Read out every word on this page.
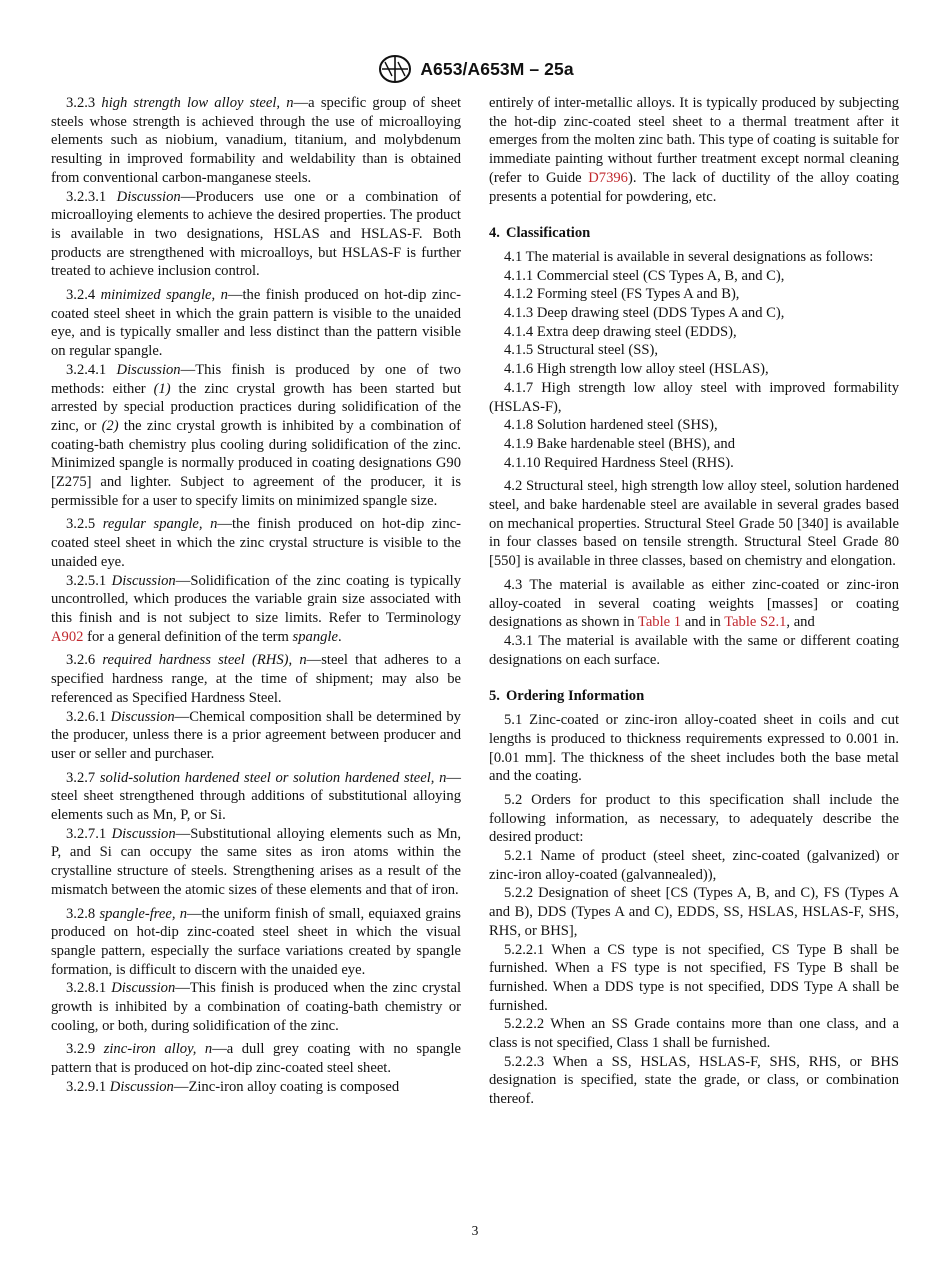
A653/A653M – 25a

3.2.3 high strength low alloy steel, n—a specific group of sheet steels whose strength is achieved through the use of microalloying elements such as niobium, vanadium, titanium, and molybdenum resulting in improved formability and weldability than is obtained from conventional carbon-manganese steels.

3.2.3.1 Discussion—Producers use one or a combination of microalloying elements to achieve the desired properties. The product is available in two designations, HSLAS and HSLAS-F. Both products are strengthened with microalloys, but HSLAS-F is further treated to achieve inclusion control.

3.2.4 minimized spangle, n—the finish produced on hot-dip zinc-coated steel sheet in which the grain pattern is visible to the unaided eye, and is typically smaller and less distinct than the pattern visible on regular spangle.

3.2.4.1 Discussion—This finish is produced by one of two methods: either (1) the zinc crystal growth has been started but arrested by special production practices during solidification of the zinc, or (2) the zinc crystal growth is inhibited by a combination of coating-bath chemistry plus cooling during solidification of the zinc. Minimized spangle is normally produced in coating designations G90 [Z275] and lighter. Subject to agreement of the producer, it is permissible for a user to specify limits on minimized spangle size.

3.2.5 regular spangle, n—the finish produced on hot-dip zinc-coated steel sheet in which the zinc crystal structure is visible to the unaided eye.

3.2.5.1 Discussion—Solidification of the zinc coating is typically uncontrolled, which produces the variable grain size associated with this finish and is not subject to size limits. Refer to Terminology A902 for a general definition of the term spangle.

3.2.6 required hardness steel (RHS), n—steel that adheres to a specified hardness range, at the time of shipment; may also be referenced as Specified Hardness Steel.

3.2.6.1 Discussion—Chemical composition shall be determined by the producer, unless there is a prior agreement between producer and user or seller and purchaser.

3.2.7 solid-solution hardened steel or solution hardened steel, n—steel sheet strengthened through additions of substitutional alloying elements such as Mn, P, or Si.

3.2.7.1 Discussion—Substitutional alloying elements such as Mn, P, and Si can occupy the same sites as iron atoms within the crystalline structure of steels. Strengthening arises as a result of the mismatch between the atomic sizes of these elements and that of iron.

3.2.8 spangle-free, n—the uniform finish of small, equiaxed grains produced on hot-dip zinc-coated steel sheet in which the visual spangle pattern, especially the surface variations created by spangle formation, is difficult to discern with the unaided eye.

3.2.8.1 Discussion—This finish is produced when the zinc crystal growth is inhibited by a combination of coating-bath chemistry or cooling, or both, during solidification of the zinc.

3.2.9 zinc-iron alloy, n—a dull grey coating with no spangle pattern that is produced on hot-dip zinc-coated steel sheet.

3.2.9.1 Discussion—Zinc-iron alloy coating is composed

entirely of inter-metallic alloys. It is typically produced by subjecting the hot-dip zinc-coated steel sheet to a thermal treatment after it emerges from the molten zinc bath. This type of coating is suitable for immediate painting without further treatment except normal cleaning (refer to Guide D7396). The lack of ductility of the alloy coating presents a potential for powdering, etc.

4. Classification

4.1 The material is available in several designations as follows:

4.1.1 Commercial steel (CS Types A, B, and C),

4.1.2 Forming steel (FS Types A and B),

4.1.3 Deep drawing steel (DDS Types A and C),

4.1.4 Extra deep drawing steel (EDDS),

4.1.5 Structural steel (SS),

4.1.6 High strength low alloy steel (HSLAS),

4.1.7 High strength low alloy steel with improved formability (HSLAS-F),

4.1.8 Solution hardened steel (SHS),

4.1.9 Bake hardenable steel (BHS), and

4.1.10 Required Hardness Steel (RHS).

4.2 Structural steel, high strength low alloy steel, solution hardened steel, and bake hardenable steel are available in several grades based on mechanical properties. Structural Steel Grade 50 [340] is available in four classes based on tensile strength. Structural Steel Grade 80 [550] is available in three classes, based on chemistry and elongation.

4.3 The material is available as either zinc-coated or zinc-iron alloy-coated in several coating weights [masses] or coating designations as shown in Table 1 and in Table S2.1, and

4.3.1 The material is available with the same or different coating designations on each surface.

5. Ordering Information

5.1 Zinc-coated or zinc-iron alloy-coated sheet in coils and cut lengths is produced to thickness requirements expressed to 0.001 in. [0.01 mm]. The thickness of the sheet includes both the base metal and the coating.

5.2 Orders for product to this specification shall include the following information, as necessary, to adequately describe the desired product:

5.2.1 Name of product (steel sheet, zinc-coated (galvanized) or zinc-iron alloy-coated (galvannealed)),

5.2.2 Designation of sheet [CS (Types A, B, and C), FS (Types A and B), DDS (Types A and C), EDDS, SS, HSLAS, HSLAS-F, SHS, RHS, or BHS],

5.2.2.1 When a CS type is not specified, CS Type B shall be furnished. When a FS type is not specified, FS Type B shall be furnished. When a DDS type is not specified, DDS Type A shall be furnished.

5.2.2.2 When an SS Grade contains more than one class, and a class is not specified, Class 1 shall be furnished.

5.2.2.3 When a SS, HSLAS, HSLAS-F, SHS, RHS, or BHS designation is specified, state the grade, or class, or combination thereof.

3
